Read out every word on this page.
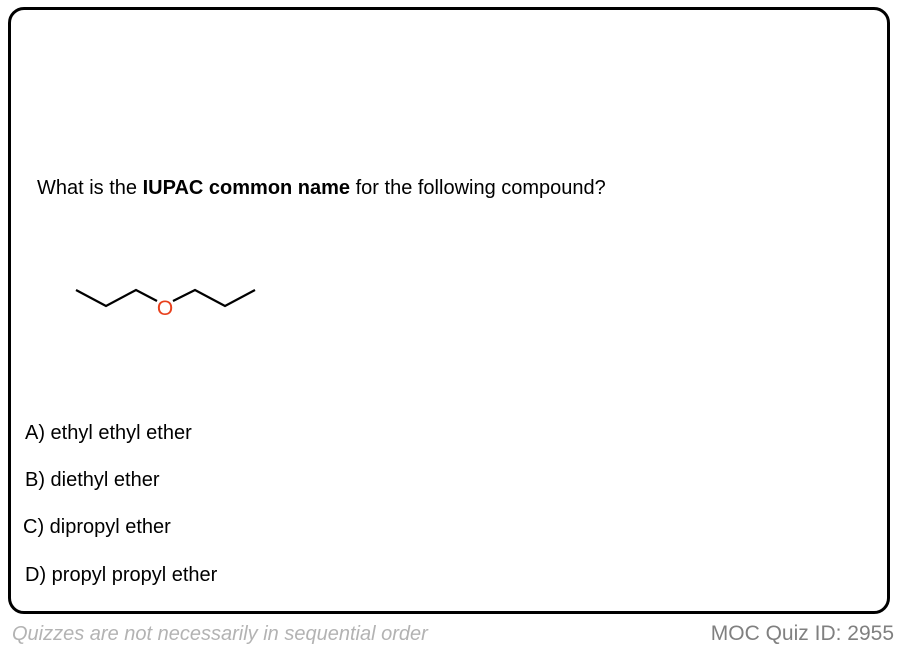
What is the IUPAC common name for the following compound?
O
A) ethyl ethyl ether
B) diethyl ether
C) dipropyl ether
D) propyl propyl ether
Quizzes are not necessarily in sequential order	MOC Quiz ID: 2955
